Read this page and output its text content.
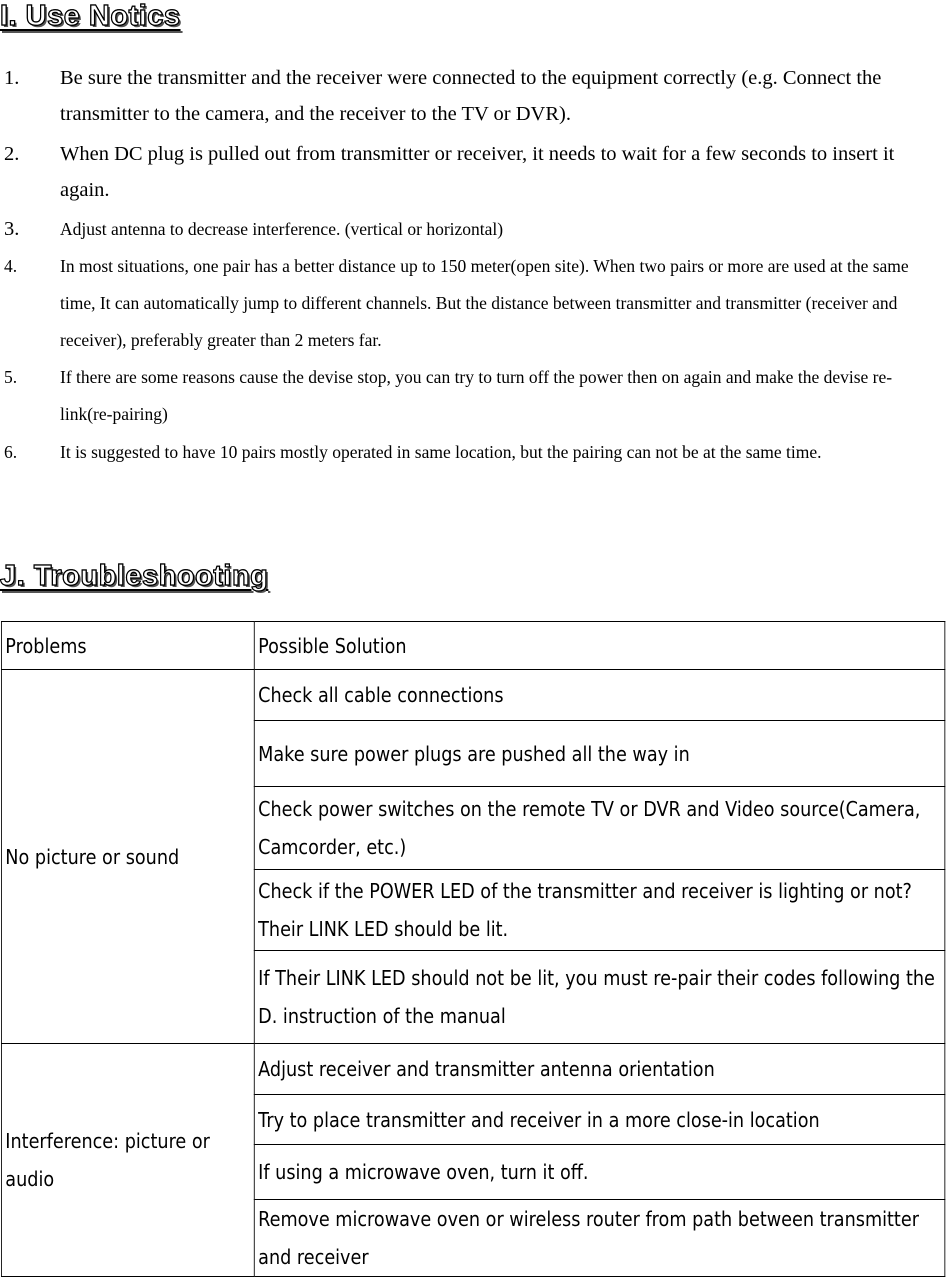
I. Use Notics
1. Be sure the transmitter and the receiver were connected to the equipment correctly (e.g. Connect the transmitter to the camera, and the receiver to the TV or DVR).
2. When DC plug is pulled out from transmitter or receiver, it needs to wait for a few seconds to insert it again.
3. Adjust antenna to decrease interference. (vertical or horizontal)
4. In most situations, one pair has a better distance up to 150 meter(open site). When two pairs or more are used at the same time, It can automatically jump to different channels. But the distance between transmitter and transmitter (receiver and receiver), preferably greater than 2 meters far.
5. If there are some reasons cause the devise stop, you can try to turn off the power then on again and make the devise re-link(re-pairing)
6. It is suggested to have 10 pairs mostly operated in same location, but the pairing can not be at the same time.
J. Troubleshooting
Problems	Possible Solution
No picture or sound	Check all cable connections
	Make sure power plugs are pushed all the way in
	Check power switches on the remote TV or DVR and Video source(Camera, Camcorder, etc.)
	Check if the POWER LED of the transmitter and receiver is lighting or not? Their LINK LED should be lit.
	If Their LINK LED should not be lit, you must re-pair their codes following the D. instruction of the manual
Interference: picture or audio	Adjust receiver and transmitter antenna orientation
	Try to place transmitter and receiver in a more close-in location
	If using a microwave oven, turn it off.
	Remove microwave oven or wireless router from path between transmitter and receiver
